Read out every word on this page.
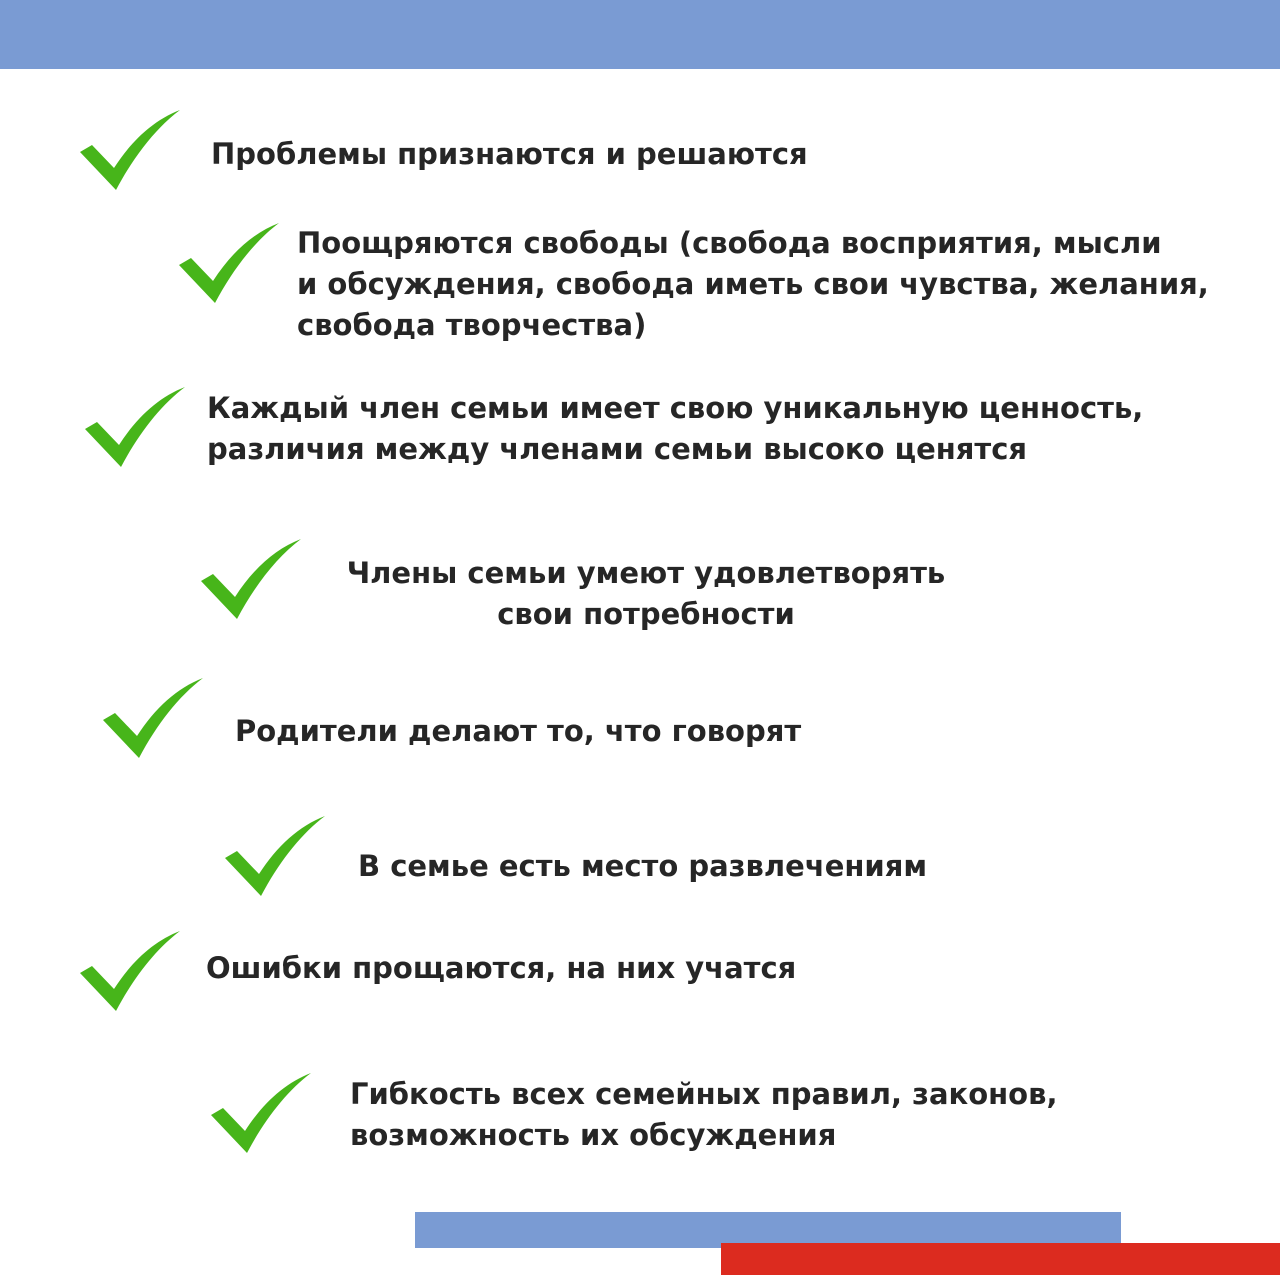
Проблемы признаются и решаются
Поощряются свободы (свобода восприятия, мысли
и обсуждения, свобода иметь свои чувства, желания,
свобода творчества)
Каждый член семьи имеет свою уникальную ценность,
различия между членами семьи высоко ценятся
Члены семьи умеют удовлетворять
свои потребности
Родители делают то, что говорят
В семье есть место развлечениям
Ошибки прощаются, на них учатся
Гибкость всех семейных правил, законов,
возможность их обсуждения
